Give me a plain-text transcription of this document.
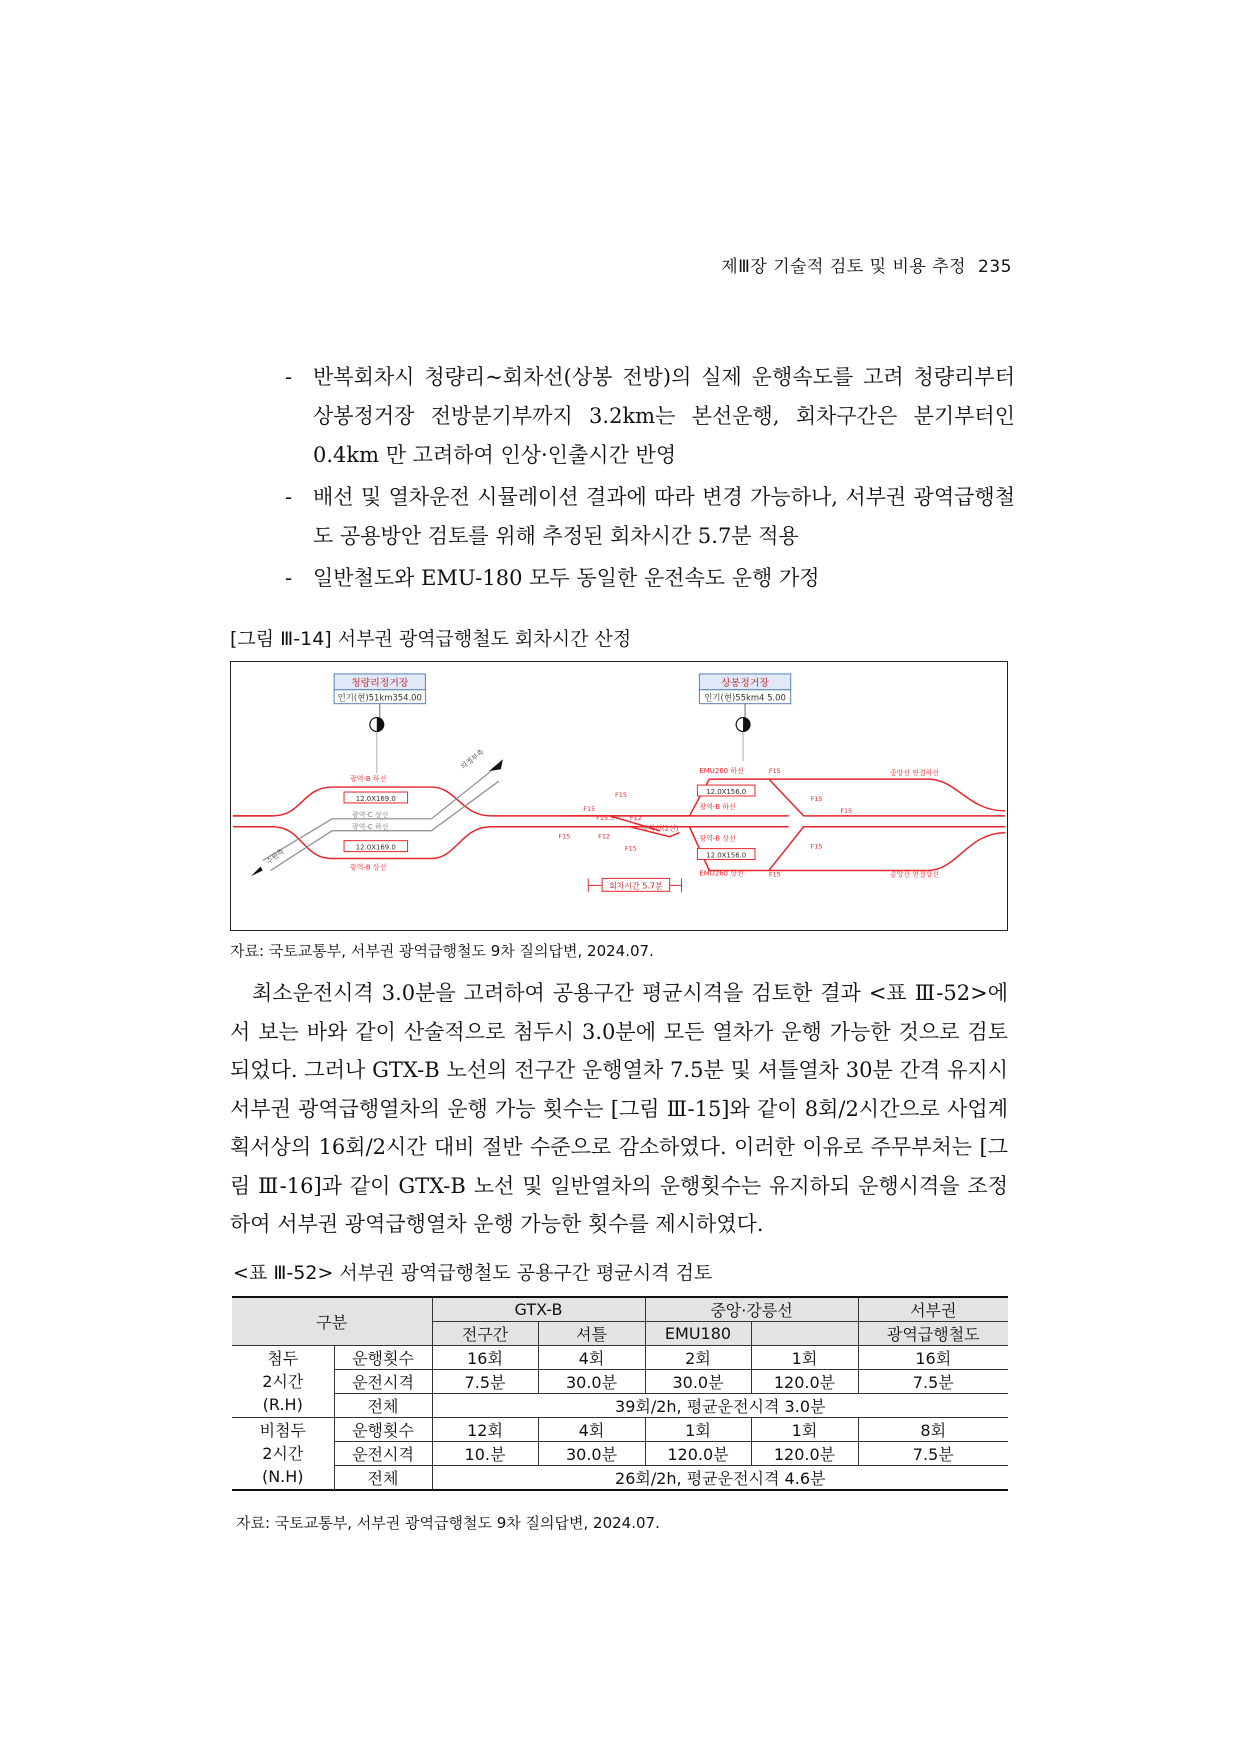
제Ⅲ장 기술적 검토 및 비용 추정 235
- 반복회차시 청량리~회차선(상봉 전방)의 실제 운행속도를 고려 청량리부터 상봉정거장 전방분기부까지 3.2km는 본선운행, 회차구간은 분기부터인 0.4km 만 고려하여 인상·인출시간 반영
- 배선 및 열차운전 시뮬레이션 결과에 따라 변경 가능하나, 서부권 광역급행철도 공용방안 검토를 위해 추정된 회차시간 5.7분 적용
- 일반철도와 EMU-180 모두 동일한 운전속도 운행 가정
[그림 Ⅲ-14] 서부권 광역급행철도 회차시간 산정
청량리정거장
인기(현)51km354.00
상봉정거장
인기(현)55km4 5.00
의정부측
수원측
광역-B 하선
12.0X169.0
광역-C 상선
광역-C 하선
12.0X169.0
광역-B 상선
EMU260 하선
12.0X156.0
광역-B 하선
광역-B 상선
12.0X156.0
EMU260 상선
반복선(2선)
중앙선 연결하선
중앙선 연결상선
F15
F15
F15.5 F12
F15	F12
F15
F15
F15
F15
F15
F15
회차시간 5.7분
자료: 국토교통부, 서부권 광역급행철도 9차 질의답변, 2024.07.
최소운전시격 3.0분을 고려하여 공용구간 평균시격을 검토한 결과 <표 Ⅲ-52>에서 보는 바와 같이 산술적으로 첨두시 3.0분에 모든 열차가 운행 가능한 것으로 검토되었다. 그러나 GTX-B 노선의 전구간 운행열차 7.5분 및 셔틀열차 30분 간격 유지시 서부권 광역급행열차의 운행 가능 횟수는 [그림 Ⅲ-15]와 같이 8회/2시간으로 사업계획서상의 16회/2시간 대비 절반 수준으로 감소하였다. 이러한 이유로 주무부처는 [그림 Ⅲ-16]과 같이 GTX-B 노선 및 일반열차의 운행횟수는 유지하되 운행시격을 조정하여 서부권 광역급행열차 운행 가능한 횟수를 제시하였다.
<표 Ⅲ-52> 서부권 광역급행철도 공용구간 평균시격 검토
구분		GTX-B		중앙·강릉선		서부권
		전구간	셔틀	EMU180		광역급행철도
첨두
2시간
(R.H)	운행횟수	16회	4회	2회	1회	16회
	운전시격	7.5분	30.0분	30.0분	120.0분	7.5분
	전체	39회/2h, 평균운전시격 3.0분				
비첨두
2시간
(N.H)	운행횟수	12회	4회	1회	1회	8회
	운전시격	10.분	30.0분	120.0분	120.0분	7.5분
	전체	26회/2h, 평균운전시격 4.6분				
자료: 국토교통부, 서부권 광역급행철도 9차 질의답변, 2024.07.
